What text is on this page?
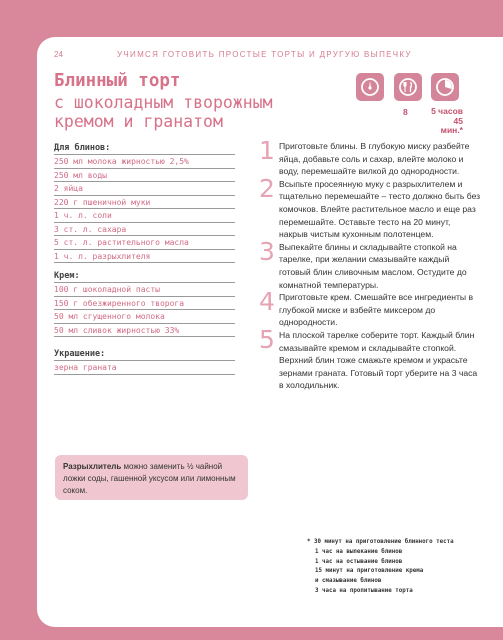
24	УЧИМСЯ ГОТОВИТЬ ПРОСТЫЕ ТОРТЫ И ДРУГУЮ ВЫПЕЧКУ
Блинный торт
с шоколадным творожным
кремом и гранатом	8	5 часов
45 мин.*
Для блинов:
250 мл молока жирностью 2,5%
250 мл воды
2 яйца
220 г пшеничной муки
1 ч. л. соли
3 ст. л. сахара
5 ст. л. растительного масла
1 ч. л. разрыхлителя
Крем:
100 г шоколадной пасты
150 г обезжиренного творога
50 мл сгущенного молока
50 мл сливок жирностью 33%
Украшение:
зерна граната
Разрыхлитель можно заменить ½ чайной ложки соды, гашенной уксусом или лимонным соком.
1 Приготовьте блины. В глубокую миску разбейте яйца, добавьте соль и сахар, влейте молоко и воду, перемешайте вилкой до однородности.
2 Всыпьте просеянную муку с разрыхлителем и тщательно перемешайте – тесто должно быть без комочков. Влейте растительное масло и еще раз перемешайте. Оставьте тесто на 20 минут, накрыв чистым кухонным полотенцем.
3 Выпекайте блины и складывайте стопкой на тарелке, при желании смазывайте каждый готовый блин сливочным маслом. Остудите до комнатной температуры.
4 Приготовьте крем. Смешайте все ингредиенты в глубокой миске и взбейте миксером до однородности.
5 На плоской тарелке соберите торт. Каждый блин смазывайте кремом и складывайте стопкой. Верхний блин тоже смажьте кремом и украсьте зернами граната. Готовый торт уберите на 3 часа в холодильник.
* 30 минут на приготовление блинного теста
1 час на выпекание блинов
1 час на остывание блинов
15 минут на приготовление крема
и смазывание блинов
3 часа на пропитывание торта
